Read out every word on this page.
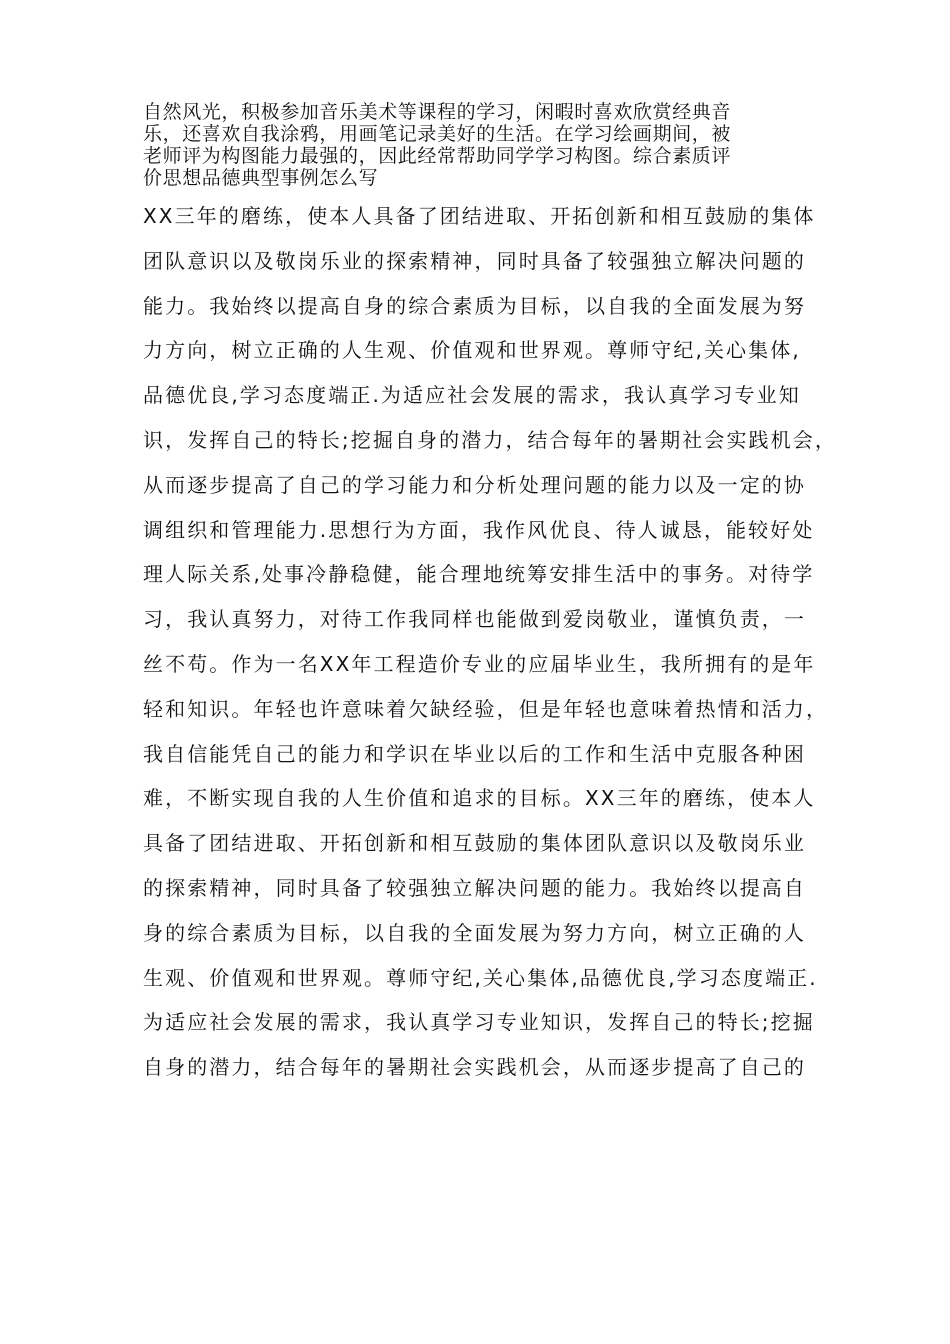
自然风光，积极参加音乐美术等课程的学习，闲暇时喜欢欣赏经典音
乐，还喜欢自我涂鸦，用画笔记录美好的生活。在学习绘画期间，被
老师评为构图能力最强的，因此经常帮助同学学习构图。综合素质评
价思想品德典型事例怎么写
XX三年的磨练，使本人具备了团结进取、开拓创新和相互鼓励的集体
团队意识以及敬岗乐业的探索精神，同时具备了较强独立解决问题的
能力。我始终以提高自身的综合素质为目标，以自我的全面发展为努
力方向，树立正确的人生观、价值观和世界观。尊师守纪,关心集体,
品德优良,学习态度端正.为适应社会发展的需求，我认真学习专业知
识，发挥自己的特长;挖掘自身的潜力，结合每年的暑期社会实践机会，
从而逐步提高了自己的学习能力和分析处理问题的能力以及一定的协
调组织和管理能力.思想行为方面，我作风优良、待人诚恳，能较好处
理人际关系,处事冷静稳健，能合理地统筹安排生活中的事务。对待学
习，我认真努力，对待工作我同样也能做到爱岗敬业，谨慎负责，一
丝不苟。作为一名XX年工程造价专业的应届毕业生，我所拥有的是年
轻和知识。年轻也许意味着欠缺经验，但是年轻也意味着热情和活力，
我自信能凭自己的能力和学识在毕业以后的工作和生活中克服各种困
难，不断实现自我的人生价值和追求的目标。XX三年的磨练，使本人
具备了团结进取、开拓创新和相互鼓励的集体团队意识以及敬岗乐业
的探索精神，同时具备了较强独立解决问题的能力。我始终以提高自
身的综合素质为目标，以自我的全面发展为努力方向，树立正确的人
生观、价值观和世界观。尊师守纪,关心集体,品德优良,学习态度端正.
为适应社会发展的需求，我认真学习专业知识，发挥自己的特长;挖掘
自身的潜力，结合每年的暑期社会实践机会，从而逐步提高了自己的
